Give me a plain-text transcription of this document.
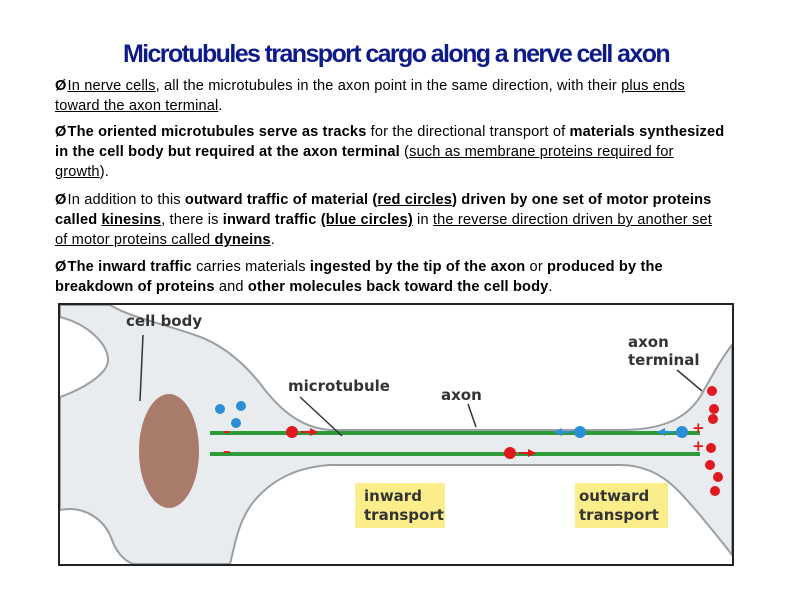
Microtubules transport cargo along a nerve cell axon
ØIn nerve cells, all the microtubules in the axon point in the same direction, with their plus ends toward the axon terminal.
ØThe oriented microtubules serve as tracks for the directional transport of materials synthesized in the cell body but required at the axon terminal (such as membrane proteins required for growth).
ØIn addition to this outward traffic of material (red circles) driven by one set of motor proteins called kinesins, there is inward traffic (blue circles) in the reverse direction driven by another set of motor proteins called dyneins.
ØThe inward traffic carries materials ingested by the tip of the axon or produced by the breakdown of proteins and other molecules back toward the cell body.
–
–
+
+
cell body
microtubule	axon
axon
terminal
inward
transport
outward
transport
